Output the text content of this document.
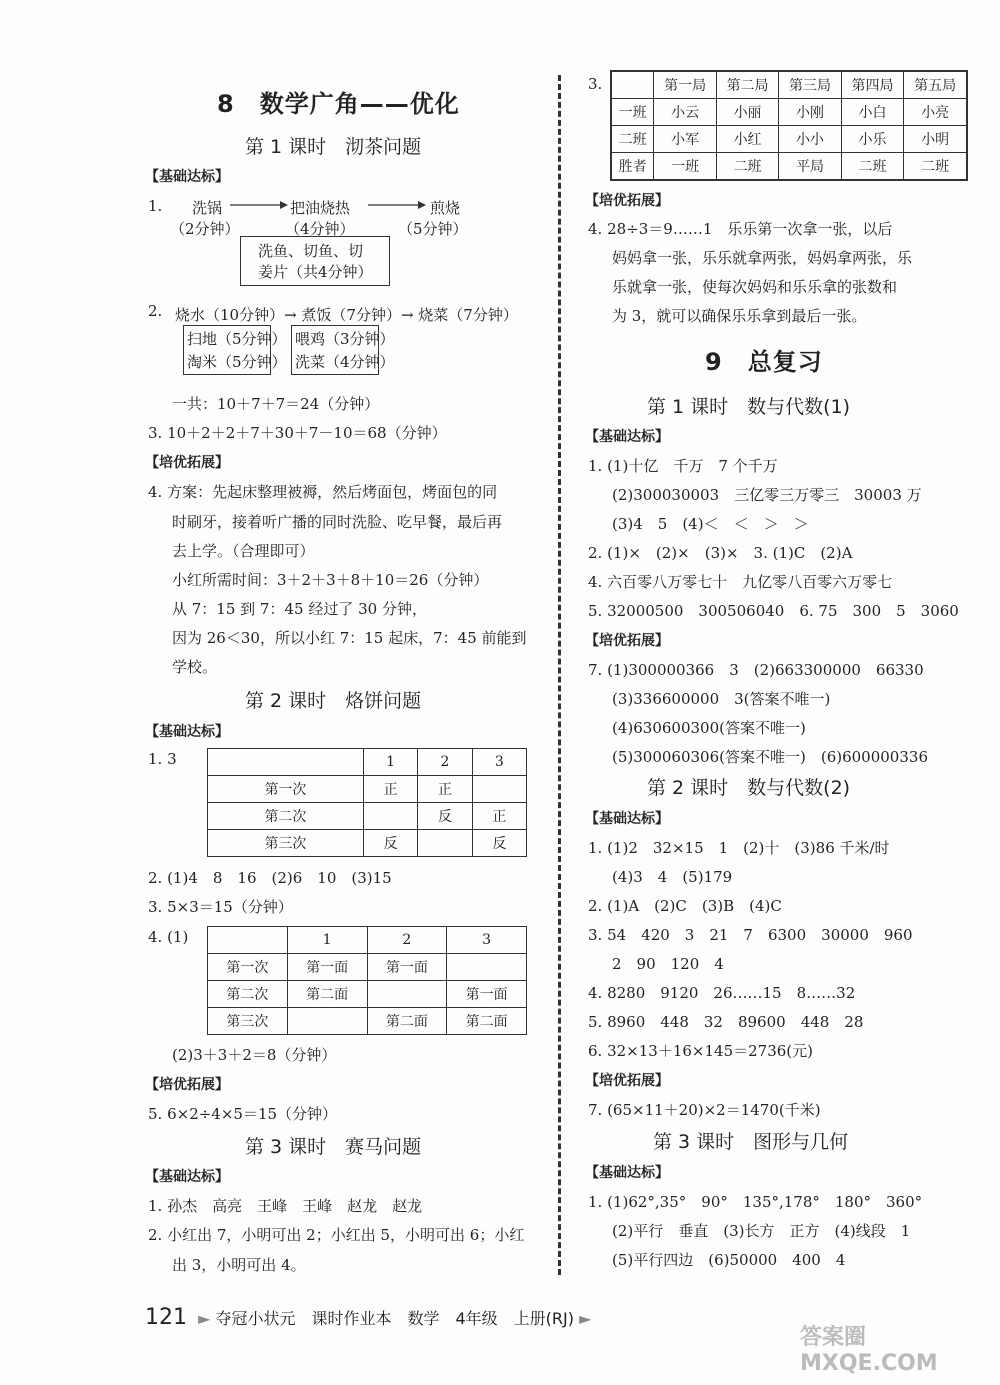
8　数学广角——优化
第 1 课时　沏茶问题
【基础达标】
1. 洗锅
（2分钟）
把油烧热
（4分钟）
煎烧
（5分钟）
洗鱼、切鱼、切
姜片（共4分钟）
2. 烧水（10分钟）→ 煮饭（7分钟）→ 烧菜（7分钟）
扫地（5分钟）
淘米（5分钟）
喂鸡（3分钟）
洗菜（4分钟）
一共：10＋7＋7＝24（分钟）
3. 10＋2＋2＋7＋30＋7－10＝68（分钟）
【培优拓展】
4. 方案：先起床整理被褥，然后烤面包，烤面包的同
时刷牙，接着听广播的同时洗脸、吃早餐，最后再
去上学。（合理即可）
小红所需时间：3＋2＋3＋8＋10＝26（分钟）
从 7：15 到 7：45 经过了 30 分钟，
因为 26＜30，所以小红 7：15 起床，7：45 前能到
学校。
第 2 课时　烙饼问题
【基础达标】
1. 3
		1	2	3
第一次	正	正	
第二次		反	正
第三次	反		反
2. (1)4　8　16　(2)6　10　(3)15
3. 5×3＝15（分钟）
4. (1)
		1	2	3
第一次	第一面	第一面	
第二次	第二面		第一面
第三次		第二面	第二面
(2)3＋3＋2＝8（分钟）
【培优拓展】
5. 6×2÷4×5＝15（分钟）
第 3 课时　赛马问题
【基础达标】
1. 孙杰　高亮　王峰　王峰　赵龙　赵龙
2. 小红出 7，小明可出 2；小红出 5，小明可出 6；小红
出 3，小明可出 4。
3.
		第一局	第二局	第三局	第四局	第五局
一班	小云	小丽	小刚	小白	小亮
二班	小军	小红	小小	小乐	小明
胜者	一班	二班	平局	二班	二班
【培优拓展】
4. 28÷3＝9……1　乐乐第一次拿一张，以后
妈妈拿一张，乐乐就拿两张，妈妈拿两张，乐
乐就拿一张，使每次妈妈和乐乐拿的张数和
为 3，就可以确保乐乐拿到最后一张。
9　总复习
第 1 课时　数与代数(1)
【基础达标】
1. (1)十亿　千万　7 个千万
(2)300030003　三亿零三万零三　30003 万
(3)4　5　(4)＜　＜　＞　＞
2. (1)×　(2)×　(3)×　3. (1)C　(2)A
4. 六百零八万零七十　九亿零八百零六万零七
5. 32000500　300506040　6. 75　300　5　3060
【培优拓展】
7. (1)300000366　3　(2)663300000　66330
(3)336600000　3(答案不唯一)
(4)630600300(答案不唯一)
(5)300060306(答案不唯一)　(6)600000336
第 2 课时　数与代数(2)
【基础达标】
1. (1)2　32×15　1　(2)十　(3)86 千米/时
(4)3　4　(5)179
2. (1)A　(2)C　(3)B　(4)C
3. 54　420　3　21　7　6300　30000　960
2　90　120　4
4. 8280　9120　26……15　8……32
5. 8960　448　32　89600　448　28
6. 32×13＋16×145＝2736(元)
【培优拓展】
7. (65×11＋20)×2＝1470(千米)
第 3 课时　图形与几何
【基础达标】
1. (1)62°,35°　90°　135°,178°　180°　360°
(2)平行　垂直　(3)长方　正方　(4)线段　1
(5)平行四边　(6)50000　400　4
121 ► 夺冠小状元　课时作业本　数学　4年级　上册(RJ) ►
答案圈 MXQE.COM
